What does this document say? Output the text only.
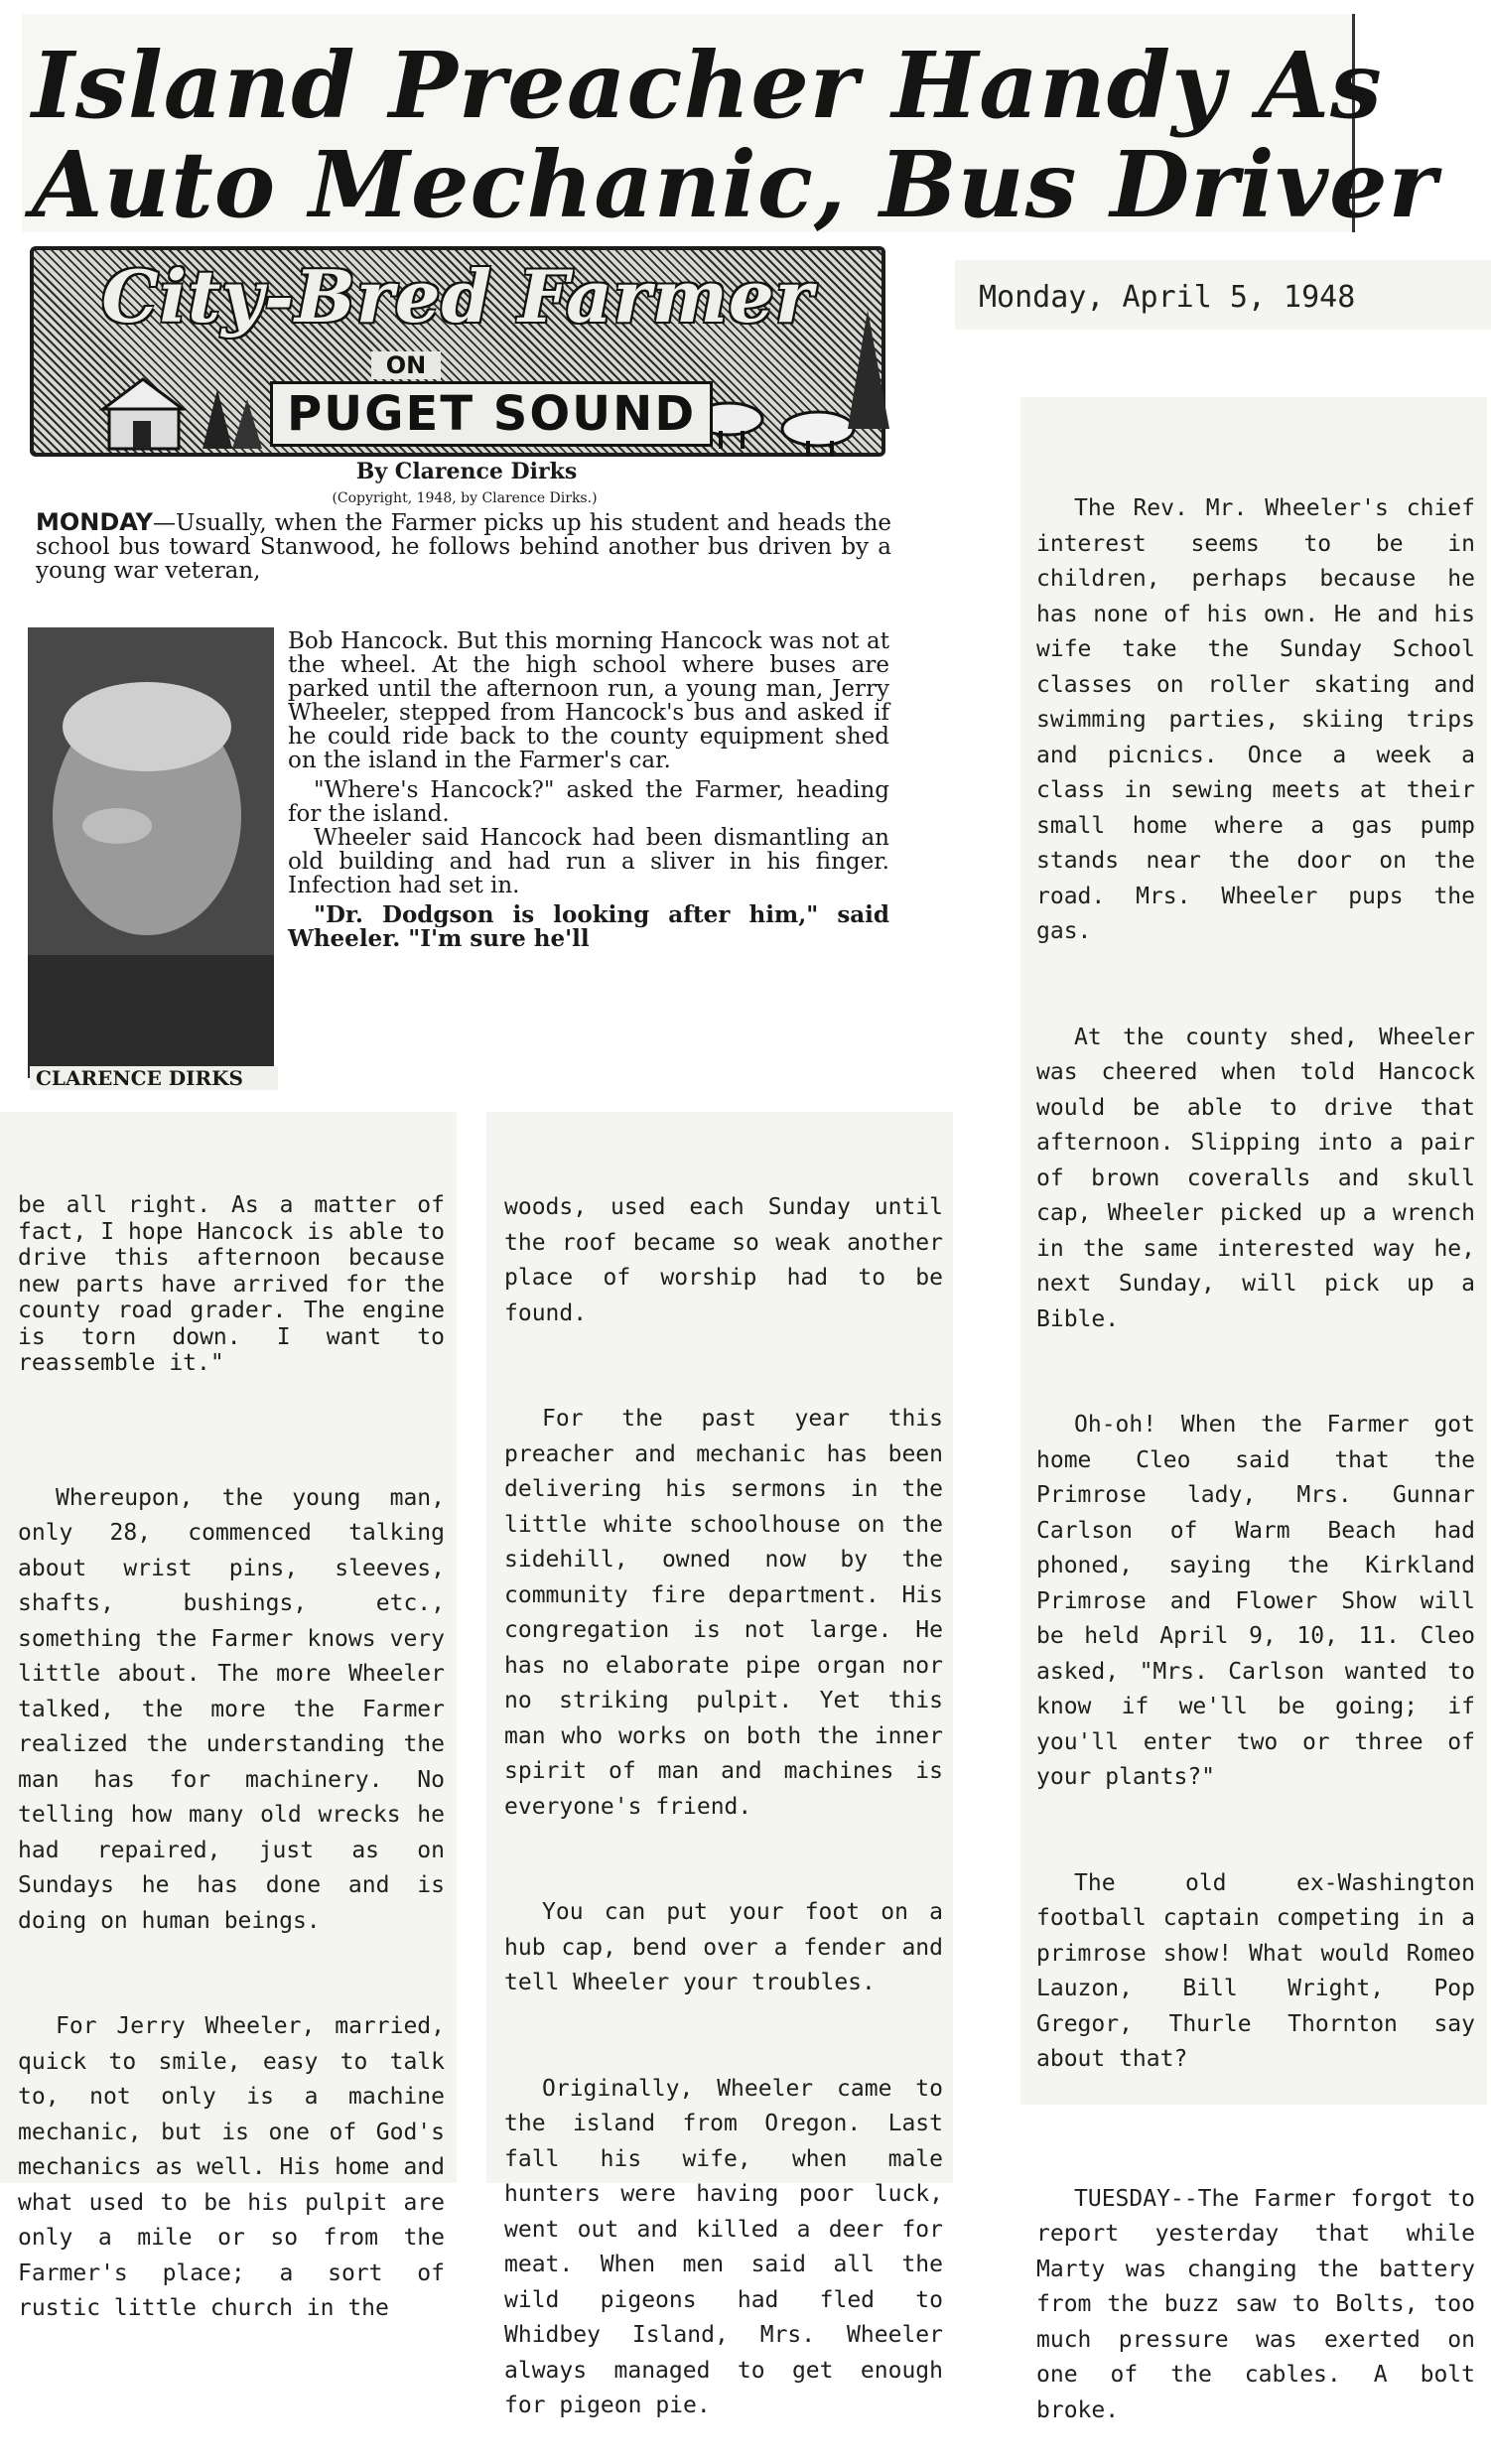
Island Preacher Handy As
Auto Mechanic, Bus Driver
City-Bred Farmer
ON
PUGET SOUND
Monday, April 5, 1948
By Clarence Dirks
(Copyright, 1948, by Clarence Dirks.)
MONDAY—Usually, when the Farmer picks up his student and heads the school bus toward Stanwood, he follows behind another bus driven by a young war veteran,
Bob Hancock. But this morning Hancock was not at the wheel. At the high school where buses are parked until the afternoon run, a young man, Jerry Wheeler, stepped from Hancock's bus and asked if he could ride back to the county equipment shed on the island in the Farmer's car.
"Where's Hancock?" asked the Farmer, heading for the island.
Wheeler said Hancock had been dismantling an old building and had run a sliver in his finger. Infection had set in.
"Dr. Dodgson is looking after him," said Wheeler. "I'm sure he'll
CLARENCE DIRKS

be all right. As a matter of fact, I hope Hancock is able to drive this afternoon because new parts have arrived for the county road grader. The engine is torn down. I want to reassemble it."

Whereupon, the young man, only 28, commenced talking about wrist pins, sleeves, shafts, bushings, etc., something the Farmer knows very little about. The more Wheeler talked, the more the Farmer realized the understanding the man has for machinery. No telling how many old wrecks he had repaired, just as on Sundays he has done and is doing on human beings.

For Jerry Wheeler, married, quick to smile, easy to talk to, not only is a machine mechanic, but is one of God's mechanics as well. His home and what used to be his pulpit are only a mile or so from the Farmer's place; a sort of rustic little church in the

woods, used each Sunday until the roof became so weak another place of worship had to be found.

For the past year this preacher and mechanic has been delivering his sermons in the little white schoolhouse on the sidehill, owned now by the community fire department. His congregation is not large. He has no elaborate pipe organ nor no striking pulpit. Yet this man who works on both the inner spirit of man and machines is everyone's friend.

You can put your foot on a hub cap, bend over a fender and tell Wheeler your troubles.

Originally, Wheeler came to the island from Oregon. Last fall his wife, when male hunters were having poor luck, went out and killed a deer for meat. When men said all the wild pigeons had fled to Whidbey Island, Mrs. Wheeler always managed to get enough for pigeon pie.

The Rev. Mr. Wheeler's chief interest seems to be in children, perhaps because he has none of his own. He and his wife take the Sunday School classes on roller skating and swimming parties, skiing trips and picnics. Once a week a class in sewing meets at their small home where a gas pump stands near the door on the road. Mrs. Wheeler pups the gas.

At the county shed, Wheeler was cheered when told Hancock would be able to drive that afternoon. Slipping into a pair of brown coveralls and skull cap, Wheeler picked up a wrench in the same interested way he, next Sunday, will pick up a Bible.

Oh-oh! When the Farmer got home Cleo said that the Primrose lady, Mrs. Gunnar Carlson of Warm Beach had phoned, saying the Kirkland Primrose and Flower Show will be held April 9, 10, 11. Cleo asked, "Mrs. Carlson wanted to know if we'll be going; if you'll enter two or three of your plants?"

The old ex-Washington football captain competing in a primrose show! What would Romeo Lauzon, Bill Wright, Pop Gregor, Thurle Thornton say about that?

TUESDAY--The Farmer forgot to report yesterday that while Marty was changing the battery from the buzz saw to Bolts, too much pressure was exerted on one of the cables. A bolt broke.
